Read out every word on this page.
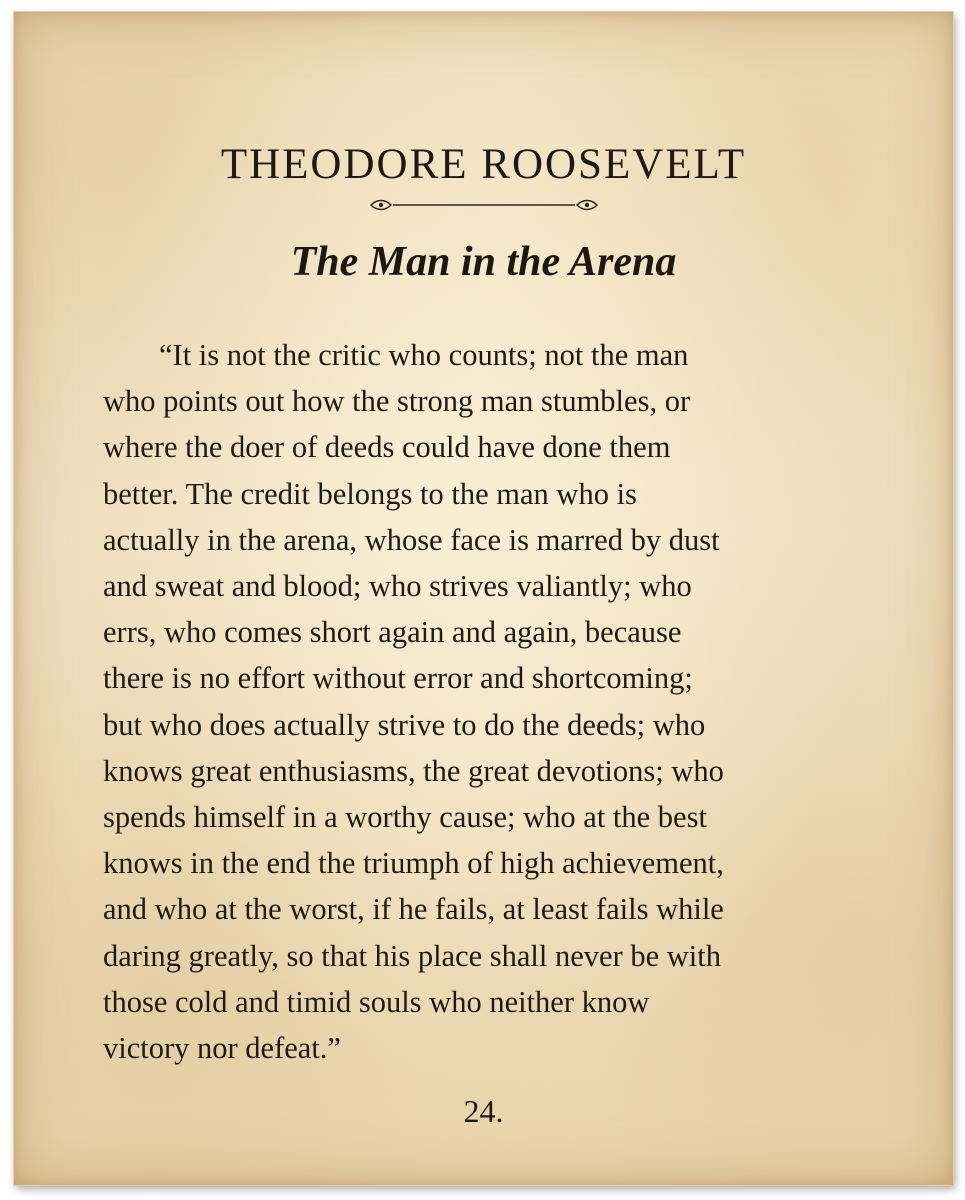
THEODORE ROOSEVELT
The Man in the Arena
“It is not the critic who counts; not the man
who points out how the strong man stumbles, or
where the doer of deeds could have done them
better. The credit belongs to the man who is
actually in the arena, whose face is marred by dust
and sweat and blood; who strives valiantly; who
errs, who comes short again and again, because
there is no effort without error and shortcoming;
but who does actually strive to do the deeds; who
knows great enthusiasms, the great devotions; who
spends himself in a worthy cause; who at the best
knows in the end the triumph of high achievement,
and who at the worst, if he fails, at least fails while
daring greatly, so that his place shall never be with
those cold and timid souls who neither know
victory nor defeat.”
24.
